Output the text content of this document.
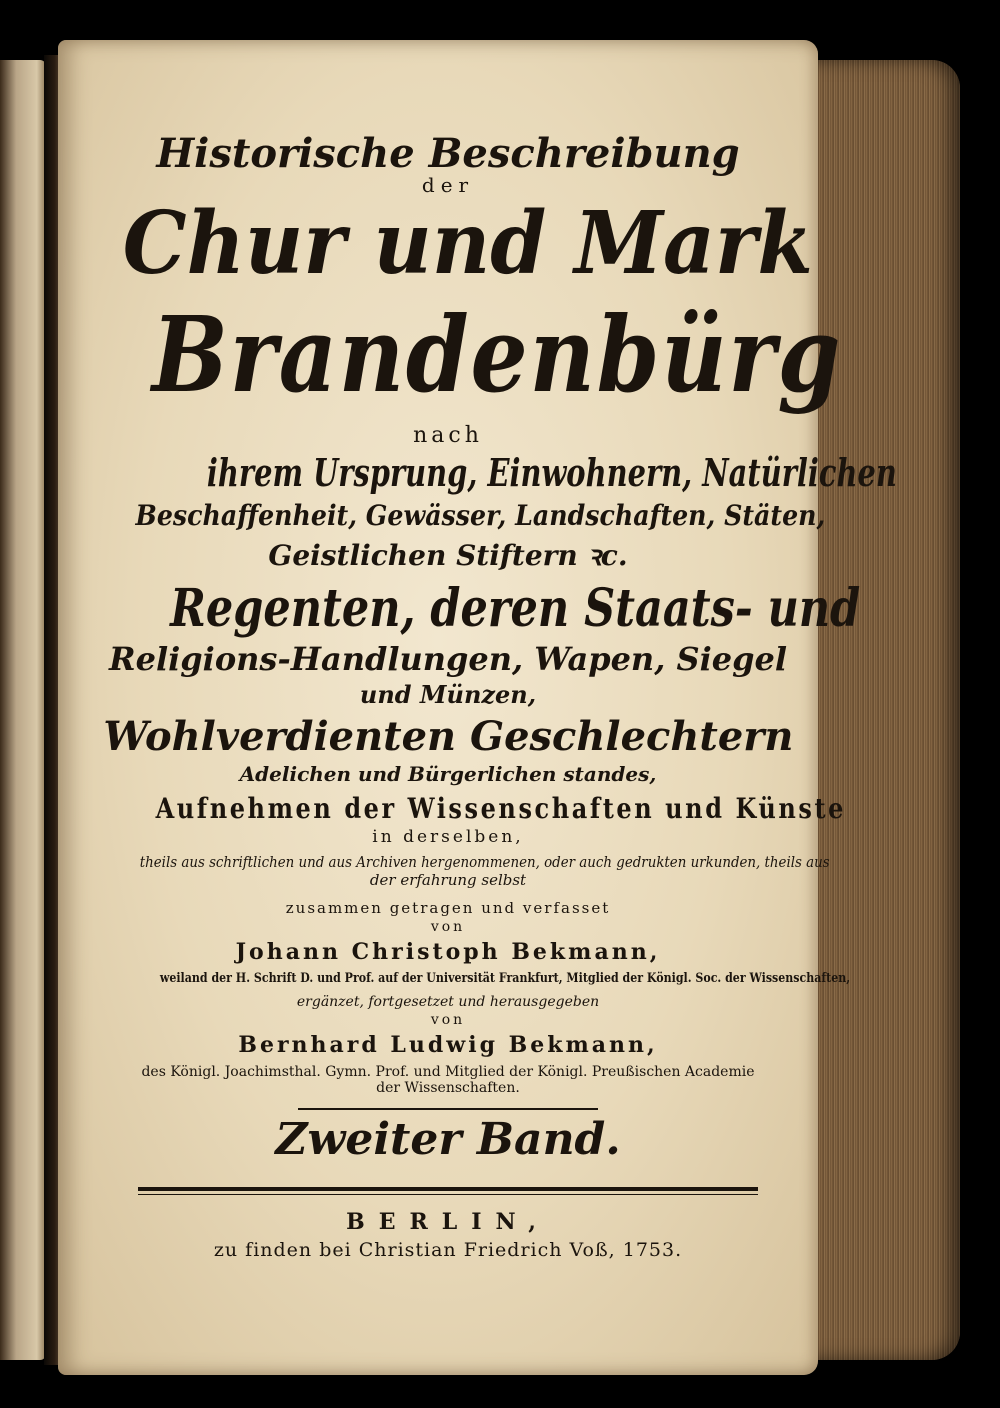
Historische Beschreibung
der
Chur und Mark
Brandenbürg
nach
ihrem Ursprung, Einwohnern, Natürlichen
Beschaffenheit, Gewässer, Landschaften, Stäten,
Geistlichen Stiftern ꝛc.
Regenten, deren Staats- und
Religions-Handlungen, Wapen, Siegel
und Münzen,
Wohlverdienten Geschlechtern
Adelichen und Bürgerlichen standes,
Aufnehmen der Wissenschaften und Künste
in derselben,
theils aus schriftlichen und aus Archiven hergenommenen, oder auch gedrukten urkunden, theils aus
der erfahrung selbst
zusammen getragen und verfasset
von
Johann Christoph Bekmann,
weiland der H. Schrift D. und Prof. auf der Universität Frankfurt, Mitglied der Königl. Soc. der Wissenschaften,
ergänzet, fortgesetzet und herausgegeben
von
Bernhard Ludwig Bekmann,
des Königl. Joachimsthal. Gymn. Prof. und Mitglied der Königl. Preußischen Academie
der Wissenschaften.
Zweiter Band.
BERLIN,
zu finden bei Christian Friedrich Voß, 1753.
